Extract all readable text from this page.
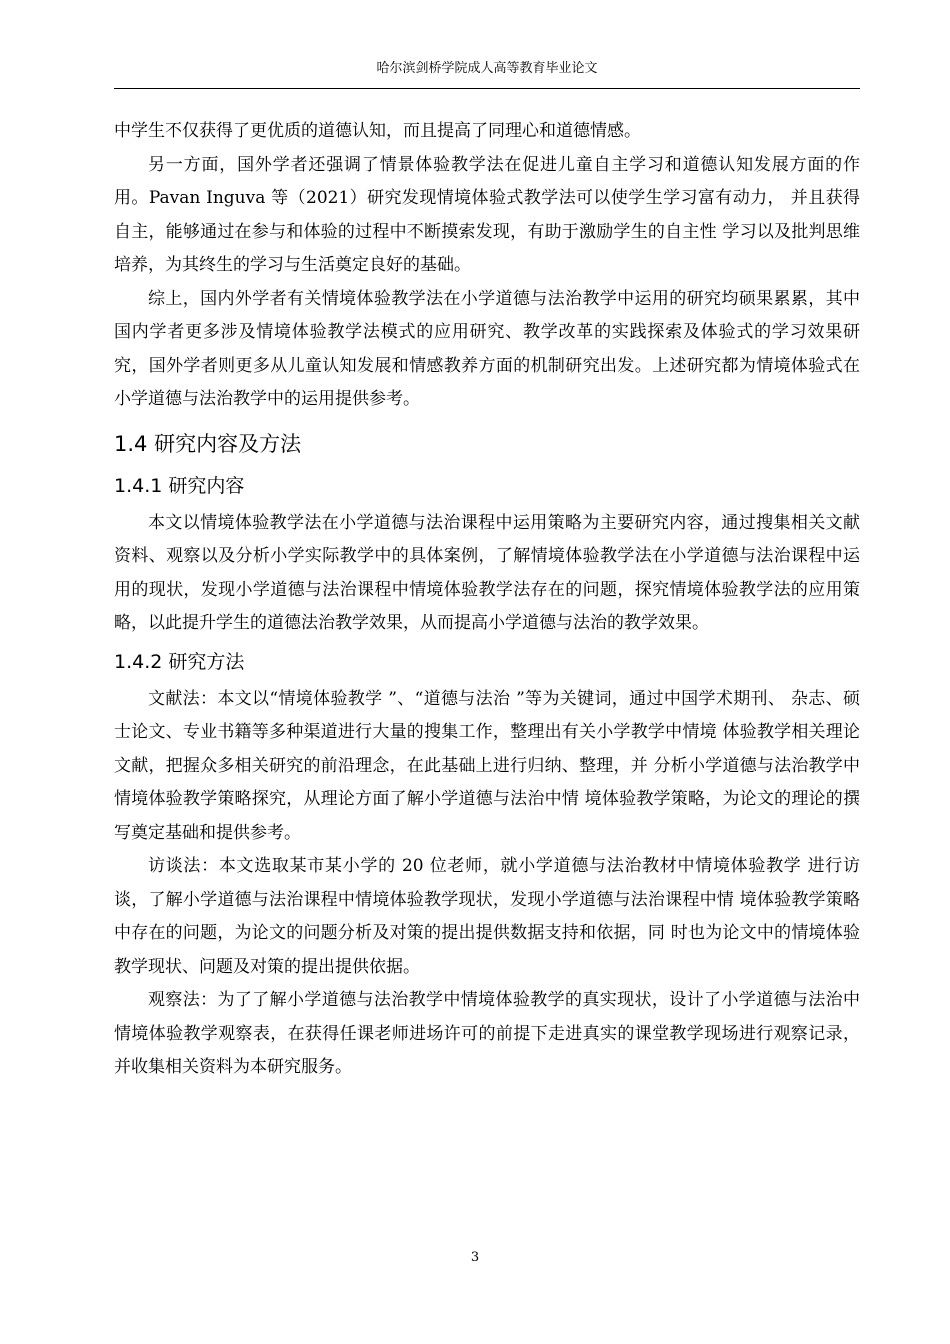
哈尔滨剑桥学院成人高等教育毕业论文

中学生不仅获得了更优质的道德认知，而且提高了同理心和道德情感。

另一方面，国外学者还强调了情景体验教学法在促进儿童自主学习和道德认知发展方面的作用。Pavan Inguva 等（2021）研究发现情境体验式教学法可以使学生学习富有动力， 并且获得自主，能够通过在参与和体验的过程中不断摸索发现，有助于激励学生的自主性 学习以及批判思维培养，为其终生的学习与生活奠定良好的基础。

综上，国内外学者有关情境体验教学法在小学道德与法治教学中运用的研究均硕果累累，其中国内学者更多涉及情境体验教学法模式的应用研究、教学改革的实践探索及体验式的学习效果研究，国外学者则更多从儿童认知发展和情感教养方面的机制研究出发。上述研究都为情境体验式在小学道德与法治教学中的运用提供参考。

1.4 研究内容及方法
1.4.1 研究内容

本文以情境体验教学法在小学道德与法治课程中运用策略为主要研究内容，通过搜集相关文献资料、观察以及分析小学实际教学中的具体案例，了解情境体验教学法在小学道德与法治课程中运用的现状，发现小学道德与法治课程中情境体验教学法存在的问题，探究情境体验教学法的应用策略，以此提升学生的道德法治教学效果，从而提高小学道德与法治的教学效果。

1.4.2 研究方法

文献法：本文以“情境体验教学 ”、“道德与法治 ”等为关键词，通过中国学术期刊、 杂志、硕士论文、专业书籍等多种渠道进行大量的搜集工作，整理出有关小学教学中情境 体验教学相关理论文献，把握众多相关研究的前沿理念，在此基础上进行归纳、整理，并 分析小学道德与法治教学中情境体验教学策略探究，从理论方面了解小学道德与法治中情 境体验教学策略，为论文的理论的撰写奠定基础和提供参考。

访谈法：本文选取某市某小学的 20 位老师，就小学道德与法治教材中情境体验教学 进行访谈，了解小学道德与法治课程中情境体验教学现状，发现小学道德与法治课程中情 境体验教学策略中存在的问题，为论文的问题分析及对策的提出提供数据支持和依据，同 时也为论文中的情境体验教学现状、问题及对策的提出提供依据。

观察法：为了了解小学道德与法治教学中情境体验教学的真实现状，设计了小学道德与法治中情境体验教学观察表，在获得任课老师进场许可的前提下走进真实的课堂教学现场进行观察记录，并收集相关资料为本研究服务。

3
